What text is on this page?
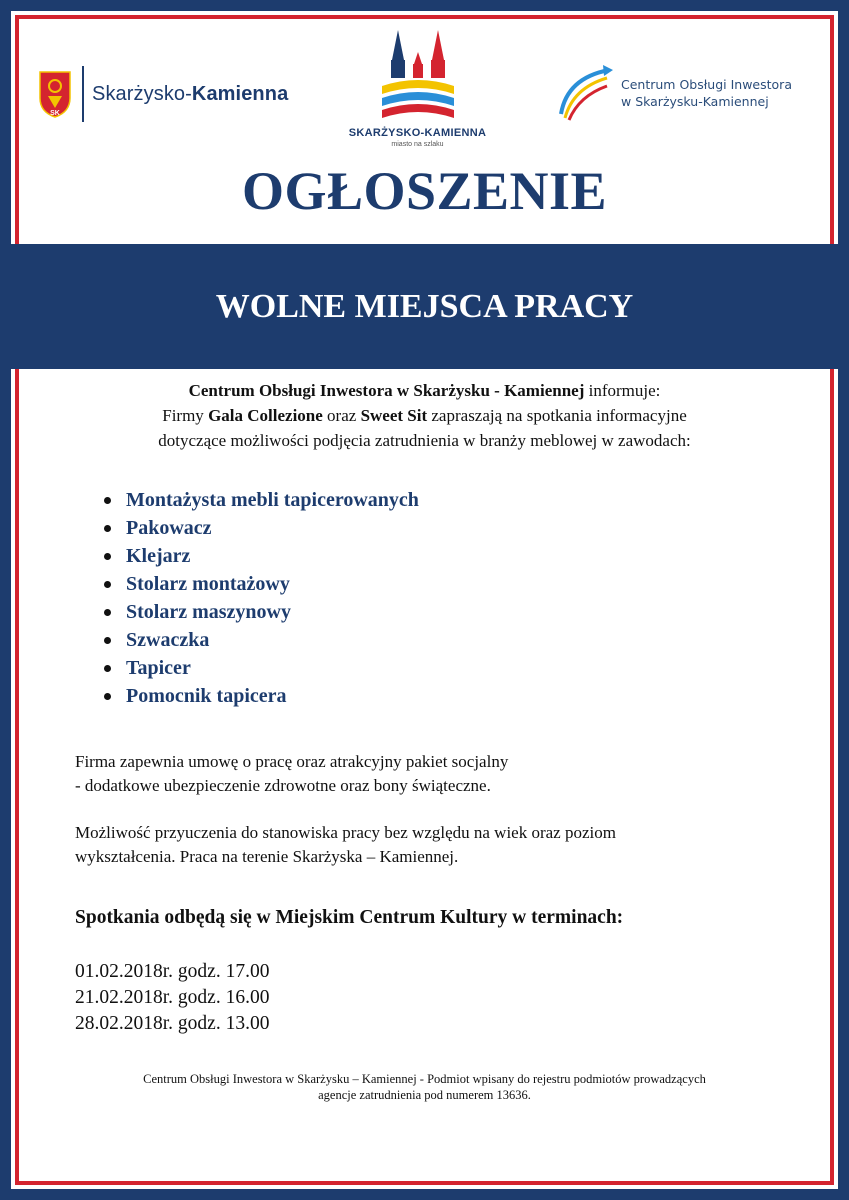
SK
Skarżysko-Kamienna
SKARŻYSKO-KAMIENNA
miasto na szlaku
Centrum Obsługi Inwestora
w Skarżysku-Kamiennej
OGŁOSZENIE
WOLNE MIEJSCA PRACY
Centrum Obsługi Inwestora w Skarżysku - Kamiennej informuje:
Firmy Gala Collezione oraz Sweet Sit zapraszają na spotkania informacyjne
dotyczące możliwości podjęcia zatrudnienia w branży meblowej w zawodach:
Montażysta mebli tapicerowanych
Pakowacz
Klejarz
Stolarz montażowy
Stolarz maszynowy
Szwaczka
Tapicer
Pomocnik tapicera
Firma zapewnia umowę o pracę oraz atrakcyjny pakiet socjalny
- dodatkowe ubezpieczenie zdrowotne oraz bony świąteczne.
Możliwość przyuczenia do stanowiska pracy bez względu na wiek oraz poziom
wykształcenia. Praca na terenie Skarżyska – Kamiennej.
Spotkania odbędą się w Miejskim Centrum Kultury w terminach:
01.02.2018r. godz. 17.00
21.02.2018r. godz. 16.00
28.02.2018r. godz. 13.00
Centrum Obsługi Inwestora w Skarżysku – Kamiennej - Podmiot wpisany do rejestru podmiotów prowadzących
agencje zatrudnienia pod numerem 13636.
